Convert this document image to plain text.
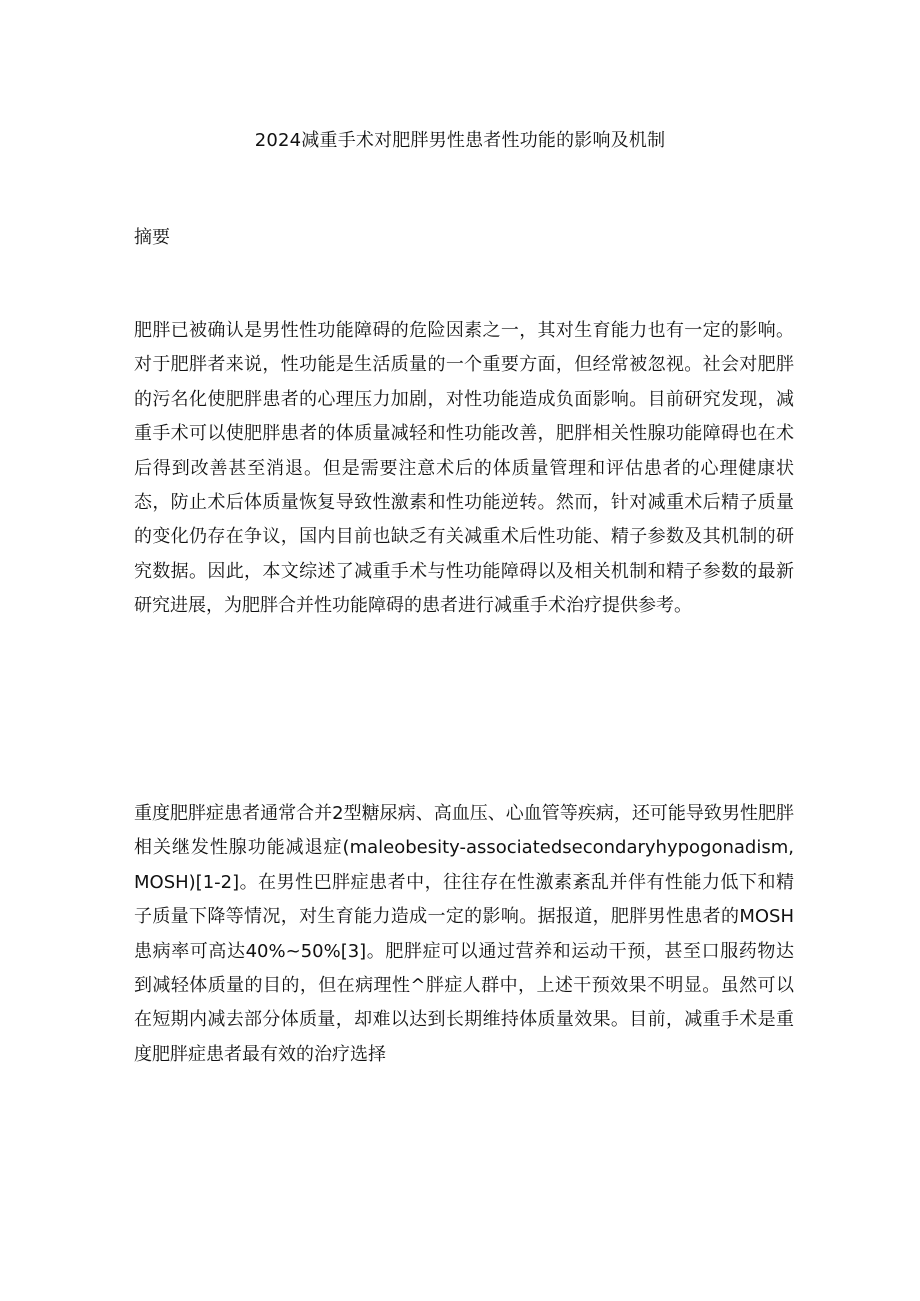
2024减重手术对肥胖男性患者性功能的影响及机制
摘要
肥胖已被确认是男性性功能障碍的危险因素之一，其对生育能力也有一定的影响。对于肥胖者来说，性功能是生活质量的一个重要方面，但经常被忽视。社会对肥胖的污名化使肥胖患者的心理压力加剧，对性功能造成负面影响。目前研究发现，减重手术可以使肥胖患者的体质量减轻和性功能改善，肥胖相关性腺功能障碍也在术后得到改善甚至消退。但是需要注意术后的体质量管理和评估患者的心理健康状态，防止术后体质量恢复导致性激素和性功能逆转。然而，针对减重术后精子质量的变化仍存在争议，国内目前也缺乏有关减重术后性功能、精子参数及其机制的研究数据。因此，本文综述了减重手术与性功能障碍以及相关机制和精子参数的最新研究进展，为肥胖合并性功能障碍的患者进行减重手术治疗提供参考。
重度肥胖症患者通常合并2型糖尿病、高血压、心血管等疾病，还可能导致男性肥胖相关继发性腺功能减退症(maleobesity-associatedsecondaryhypogonadism,MOSH)[1-2]。在男性巴胖症患者中，往往存在性激素紊乱并伴有性能力低下和精子质量下降等情况，对生育能力造成一定的影响。据报道，肥胖男性患者的MOSH患病率可高达40%~50%[3]。肥胖症可以通过营养和运动干预，甚至口服药物达到减轻体质量的目的，但在病理性^胖症人群中，上述干预效果不明显。虽然可以在短期内减去部分体质量，却难以达到长期维持体质量效果。目前，减重手术是重度肥胖症患者最有效的治疗选择
